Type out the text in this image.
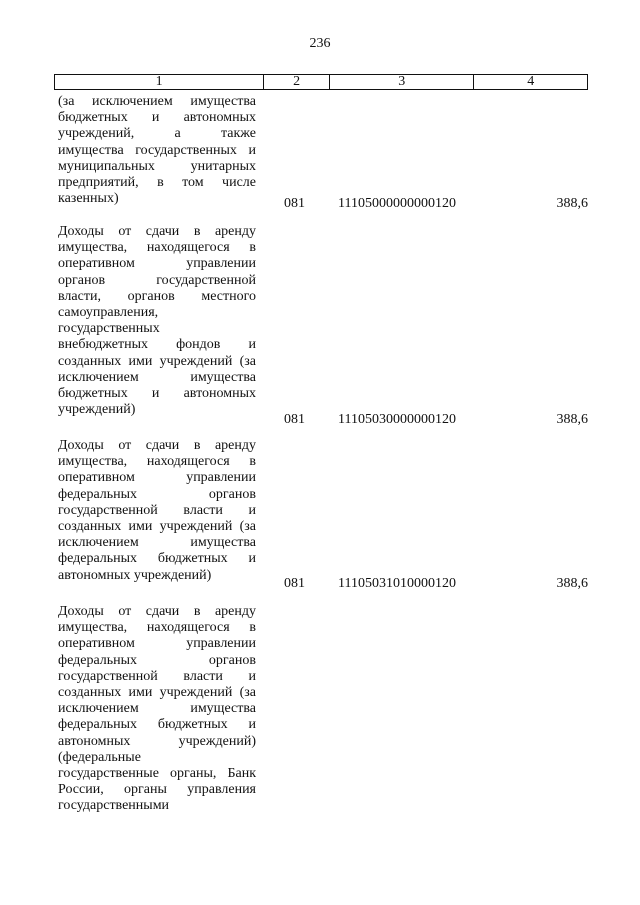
236
1	2	3	4
(за исключением имущества
бюджетных и автономных
учреждений, а также
имущества государственных и
муниципальных унитарных
предприятий, в том числе
казенных)	081 11105000000000120	388,6
Доходы от сдачи в аренду
имущества, находящегося в
оперативном управлении
органов государственной
власти, органов местного
самоуправления,
государственных
внебюджетных фондов и
созданных ими учреждений (за
исключением имущества
бюджетных и автономных
учреждений)
081 11105030000000120	388,6
Доходы от сдачи в аренду
имущества, находящегося в
оперативном управлении
федеральных органов
государственной власти и
созданных ими учреждений (за
исключением имущества
федеральных бюджетных и
автономных учреждений)
081 11105031010000120	388,6
Доходы от сдачи в аренду
имущества, находящегося в
оперативном управлении
федеральных органов
государственной власти и
созданных ими учреждений (за
исключением имущества
федеральных бюджетных и
автономных учреждений)
(федеральные
государственные органы, Банк
России, органы управления
государственными
